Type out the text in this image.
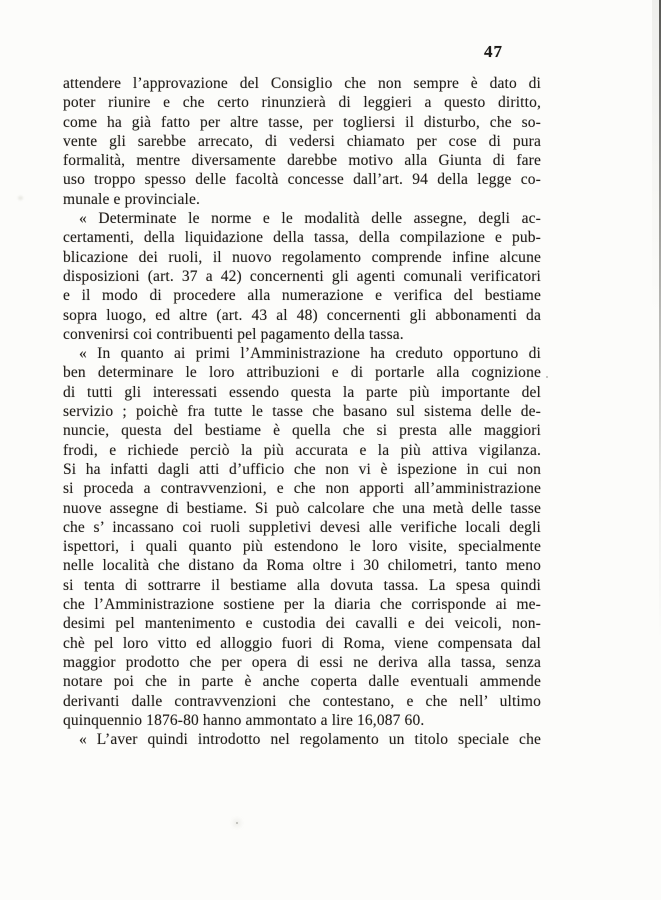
47
attendere l’approvazione del Consiglio che non sempre è dato di
poter riunire e che certo rinunzierà di leggieri a questo diritto,
come ha già fatto per altre tasse, per togliersi il disturbo, che so-
vente gli sarebbe arrecato, di vedersi chiamato per cose di pura
formalità, mentre diversamente darebbe motivo alla Giunta di fare
uso troppo spesso delle facoltà concesse dall’art. 94 della legge co-
munale e provinciale.
« Determinate le norme e le modalità delle assegne, degli ac-
certamenti, della liquidazione della tassa, della compilazione e pub-
blicazione dei ruoli, il nuovo regolamento comprende infine alcune
disposizioni (art. 37 a 42) concernenti gli agenti comunali verificatori
e il modo di procedere alla numerazione e verifica del bestiame
sopra luogo, ed altre (art. 43 al 48) concernenti gli abbonamenti da
convenirsi coi contribuenti pel pagamento della tassa.
« In quanto ai primi l’Amministrazione ha creduto opportuno di
ben determinare le loro attribuzioni e di portarle alla cognizione
di tutti gli interessati essendo questa la parte più importante del
servizio ; poichè fra tutte le tasse che basano sul sistema delle de-
nuncie, questa del bestiame è quella che si presta alle maggiori
frodi, e richiede perciò la più accurata e la più attiva vigilanza.
Si ha infatti dagli atti d’ufficio che non vi è ispezione in cui non
si proceda a contravvenzioni, e che non apporti all’amministrazione
nuove assegne di bestiame. Si può calcolare che una metà delle tasse
che s’ incassano coi ruoli suppletivi devesi alle verifiche locali degli
ispettori, i quali quanto più estendono le loro visite, specialmente
nelle località che distano da Roma oltre i 30 chilometri, tanto meno
si tenta di sottrarre il bestiame alla dovuta tassa. La spesa quindi
che l’Amministrazione sostiene per la diaria che corrisponde ai me-
desimi pel mantenimento e custodia dei cavalli e dei veicoli, non-
chè pel loro vitto ed alloggio fuori di Roma, viene compensata dal
maggior prodotto che per opera di essi ne deriva alla tassa, senza
notare poi che in parte è anche coperta dalle eventuali ammende
derivanti dalle contravvenzioni che contestano, e che nell’ ultimo
quinquennio 1876-80 hanno ammontato a lire 16,087 60.
« L’aver quindi introdotto nel regolamento un titolo speciale che
